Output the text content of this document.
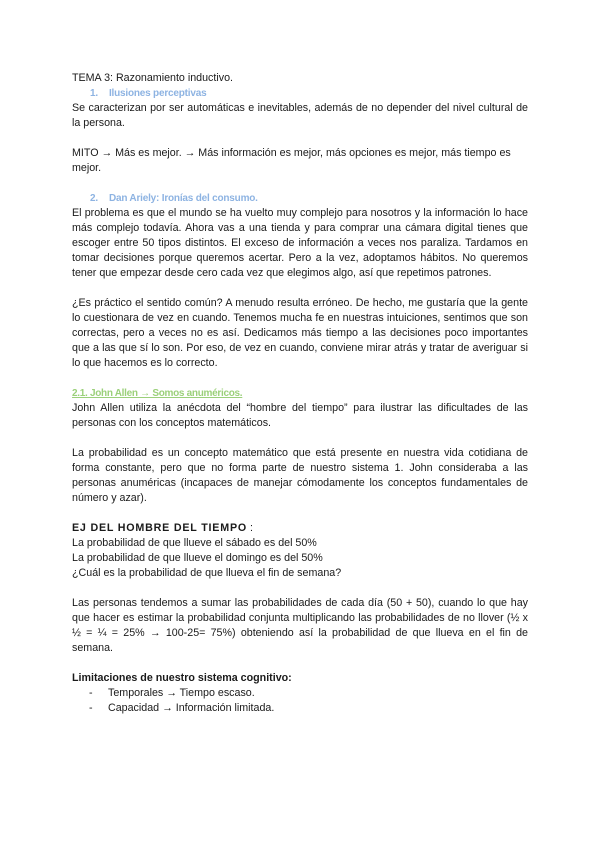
TEMA 3: Razonamiento inductivo.

1. Ilusiones perceptivas

Se caracterizan por ser automáticas e inevitables, además de no depender del nivel cultural de la persona.

MITO → Más es mejor. → Más información es mejor, más opciones es mejor, más tiempo es mejor.

2. Dan Ariely: Ironías del consumo.

El problema es que el mundo se ha vuelto muy complejo para nosotros y la información lo hace más complejo todavía. Ahora vas a una tienda y para comprar una cámara digital tienes que escoger entre 50 tipos distintos. El exceso de información a veces nos paraliza. Tardamos en tomar decisiones porque queremos acertar. Pero a la vez, adoptamos hábitos. No queremos tener que empezar desde cero cada vez que elegimos algo, así que repetimos patrones.

¿Es práctico el sentido común? A menudo resulta erróneo. De hecho, me gustaría que la gente lo cuestionara de vez en cuando. Tenemos mucha fe en nuestras intuiciones, sentimos que son correctas, pero a veces no es así. Dedicamos más tiempo a las decisiones poco importantes que a las que sí lo son. Por eso, de vez en cuando, conviene mirar atrás y tratar de averiguar si lo que hacemos es lo correcto.

2.1. John Allen → Somos anuméricos.

John Allen utiliza la anécdota del “hombre del tiempo” para ilustrar las dificultades de las personas con los conceptos matemáticos.

La probabilidad es un concepto matemático que está presente en nuestra vida cotidiana de forma constante, pero que no forma parte de nuestro sistema 1. John consideraba a las personas anuméricas (incapaces de manejar cómodamente los conceptos fundamentales de número y azar).

EJ DEL HOMBRE DEL TIEMPO :

La probabilidad de que llueve el sábado es del 50%

La probabilidad de que llueve el domingo es del 50%

¿Cuál es la probabilidad de que llueva el fin de semana?

Las personas tendemos a sumar las probabilidades de cada día (50 + 50), cuando lo que hay que hacer es estimar la probabilidad conjunta multiplicando las probabilidades de no llover (½ x ½ = ¼ = 25% → 100-25= 75%) obteniendo así la probabilidad de que llueva en el fin de semana.

Limitaciones de nuestro sistema cognitivo:

- Temporales → Tiempo escaso.
- Capacidad → Información limitada.
